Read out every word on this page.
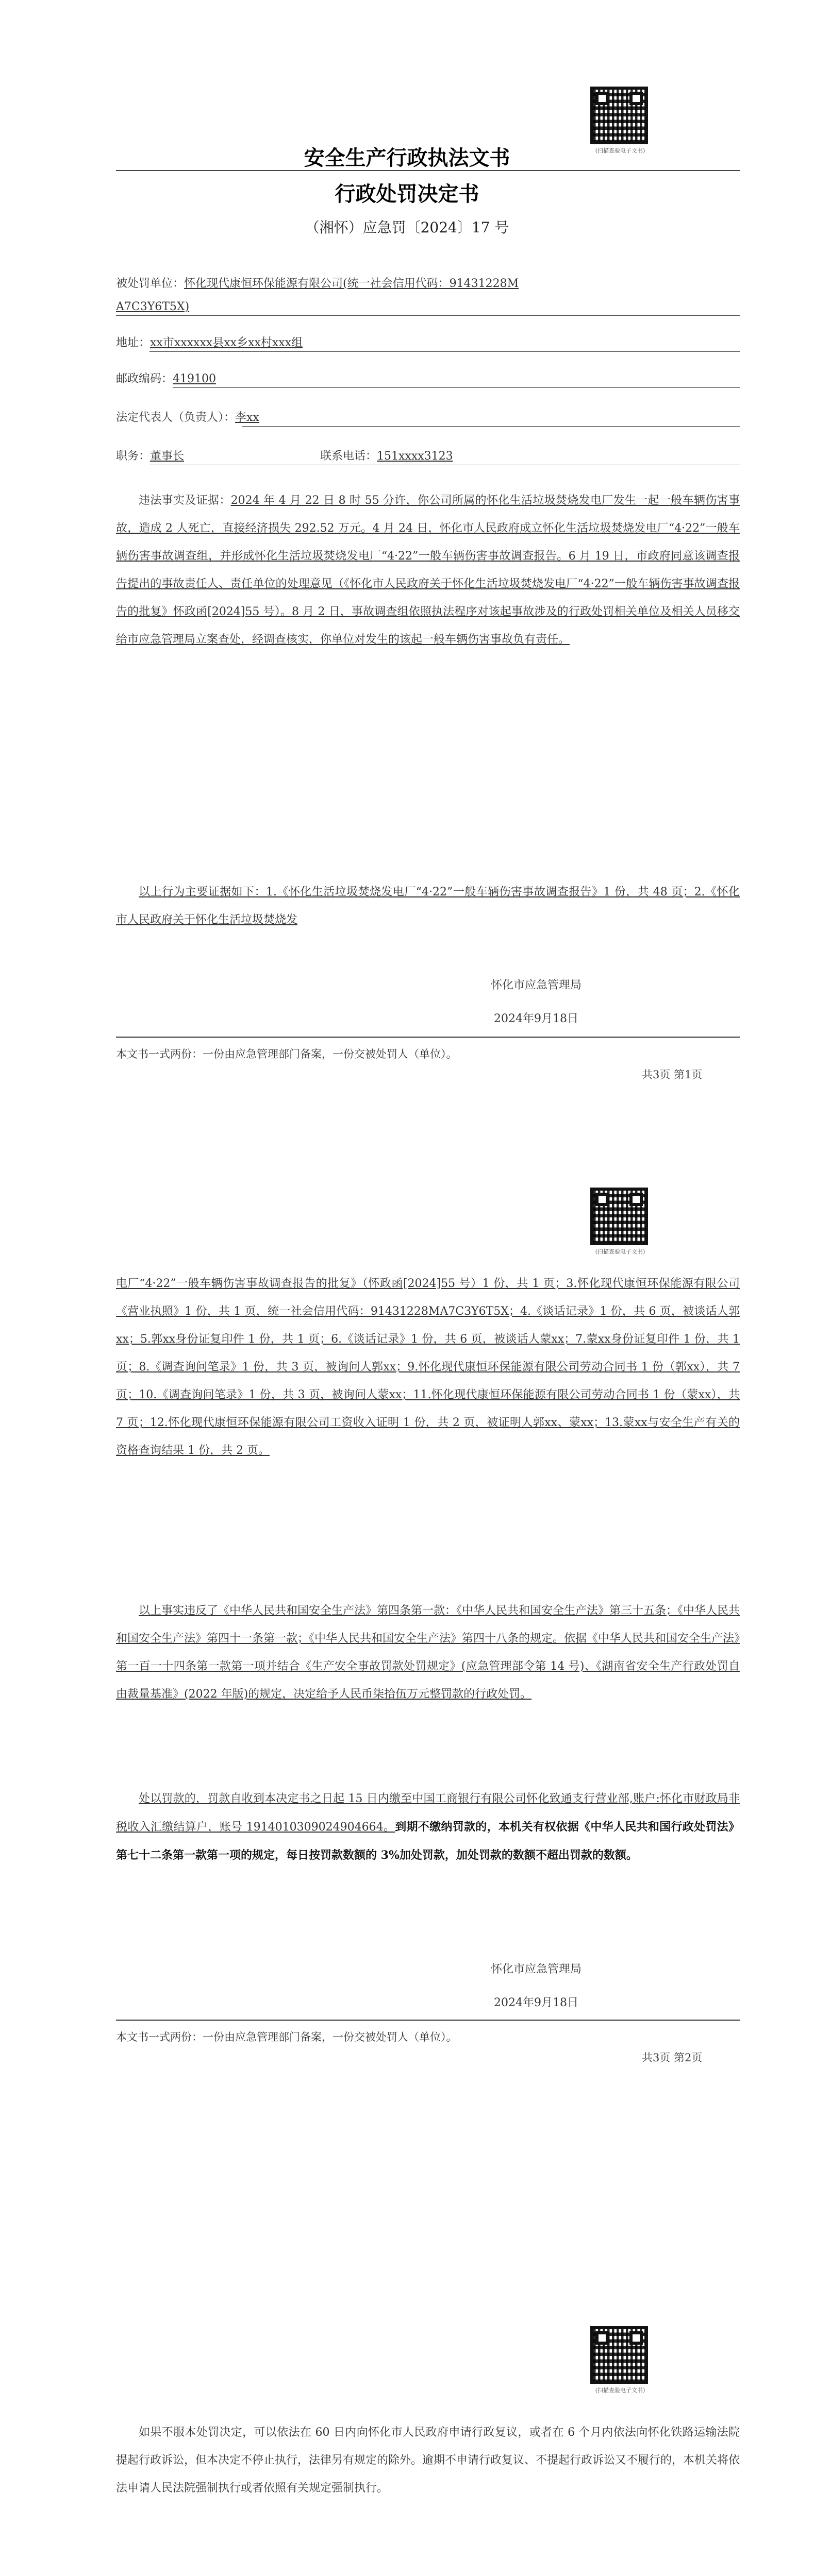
(扫描查验电子文书)
安全生产行政执法文书
行政处罚决定书
（湘怀）应急罚〔2024〕17 号
被处罚单位：怀化现代康恒环保能源有限公司(统一社会信用代码：91431228M
A7C3Y6T5X)
地址：xx市xxxxxx县xx乡xx村xxx组
邮政编码：419100
法定代表人（负责人）：李xx
职务：董事长	联系电话：151xxxx3123
违法事实及证据：2024 年 4 月 22 日 8 时 55 分许，你公司所属的怀化生活垃圾焚烧发电厂发生一起一般车辆伤害事故，造成 2 人死亡，直接经济损失 292.52 万元。4 月 24 日，怀化市人民政府成立怀化生活垃圾焚烧发电厂“4·22”一般车辆伤害事故调查组，并形成怀化生活垃圾焚烧发电厂“4·22”一般车辆伤害事故调查报告。6 月 19 日，市政府同意该调查报告提出的事故责任人、责任单位的处理意见（《怀化市人民政府关于怀化生活垃圾焚烧发电厂“4·22”一般车辆伤害事故调查报告的批复》怀政函[2024]55 号）。8 月 2 日，事故调查组依照执法程序对该起事故涉及的行政处罚相关单位及相关人员移交给市应急管理局立案查处，经调查核实，你单位对发生的该起一般车辆伤害事故负有责任。
以上行为主要证据如下：1.《怀化生活垃圾焚烧发电厂“4·22”一般车辆伤害事故调查报告》1 份，共 48 页；2.《怀化市人民政府关于怀化生活垃圾焚烧发
怀化市应急管理局
2024年9月18日
本文书一式两份：一份由应急管理部门备案，一份交被处罚人（单位）。
共3页 第1页
(扫描查验电子文书)
电厂“4·22”一般车辆伤害事故调查报告的批复》（怀政函[2024]55 号）1 份，共 1 页；3.怀化现代康恒环保能源有限公司《营业执照》1 份，共 1 页，统一社会信用代码：91431228MA7C3Y6T5X；4.《谈话记录》1 份，共 6 页，被谈话人郭xx；5.郭xx身份证复印件 1 份，共 1 页；6.《谈话记录》1 份，共 6 页，被谈话人蒙xx；7.蒙xx身份证复印件 1 份，共 1 页；8.《调查询问笔录》1 份，共 3 页，被询问人郭xx；9.怀化现代康恒环保能源有限公司劳动合同书 1 份（郭xx），共 7 页；10.《调查询问笔录》1 份，共 3 页，被询问人蒙xx；11.怀化现代康恒环保能源有限公司劳动合同书 1 份（蒙xx），共 7 页；12.怀化现代康恒环保能源有限公司工资收入证明 1 份，共 2 页，被证明人郭xx、蒙xx；13.蒙xx与安全生产有关的资格查询结果 1 份，共 2 页。
以上事实违反了《中华人民共和国安全生产法》第四条第一款：《中华人民共和国安全生产法》第三十五条；《中华人民共和国安全生产法》第四十一条第一款；《中华人民共和国安全生产法》第四十八条的规定。依据《中华人民共和国安全生产法》第一百一十四条第一款第一项并结合《生产安全事故罚款处罚规定》(应急管理部令第 14 号)、《湖南省安全生产行政处罚自由裁量基准》(2022 年版)的规定，决定给予人民币柒拾伍万元整罚款的行政处罚。
处以罚款的，罚款自收到本决定书之日起 15 日内缴至中国工商银行有限公司怀化致通支行营业部,账户:怀化市财政局非税收入汇缴结算户，账号 1914010309024904664。到期不缴纳罚款的，本机关有权依据《中华人民共和国行政处罚法》第七十二条第一款第一项的规定，每日按罚款数额的 3%加处罚款，加处罚款的数额不超出罚款的数额。
怀化市应急管理局
2024年9月18日
本文书一式两份：一份由应急管理部门备案，一份交被处罚人（单位）。
共3页 第2页
(扫描查验电子文书)
如果不服本处罚决定，可以依法在 60 日内向怀化市人民政府申请行政复议，或者在 6 个月内依法向怀化铁路运输法院提起行政诉讼，但本决定不停止执行，法律另有规定的除外。逾期不申请行政复议、不提起行政诉讼又不履行的，本机关将依法申请人民法院强制执行或者依照有关规定强制执行。
